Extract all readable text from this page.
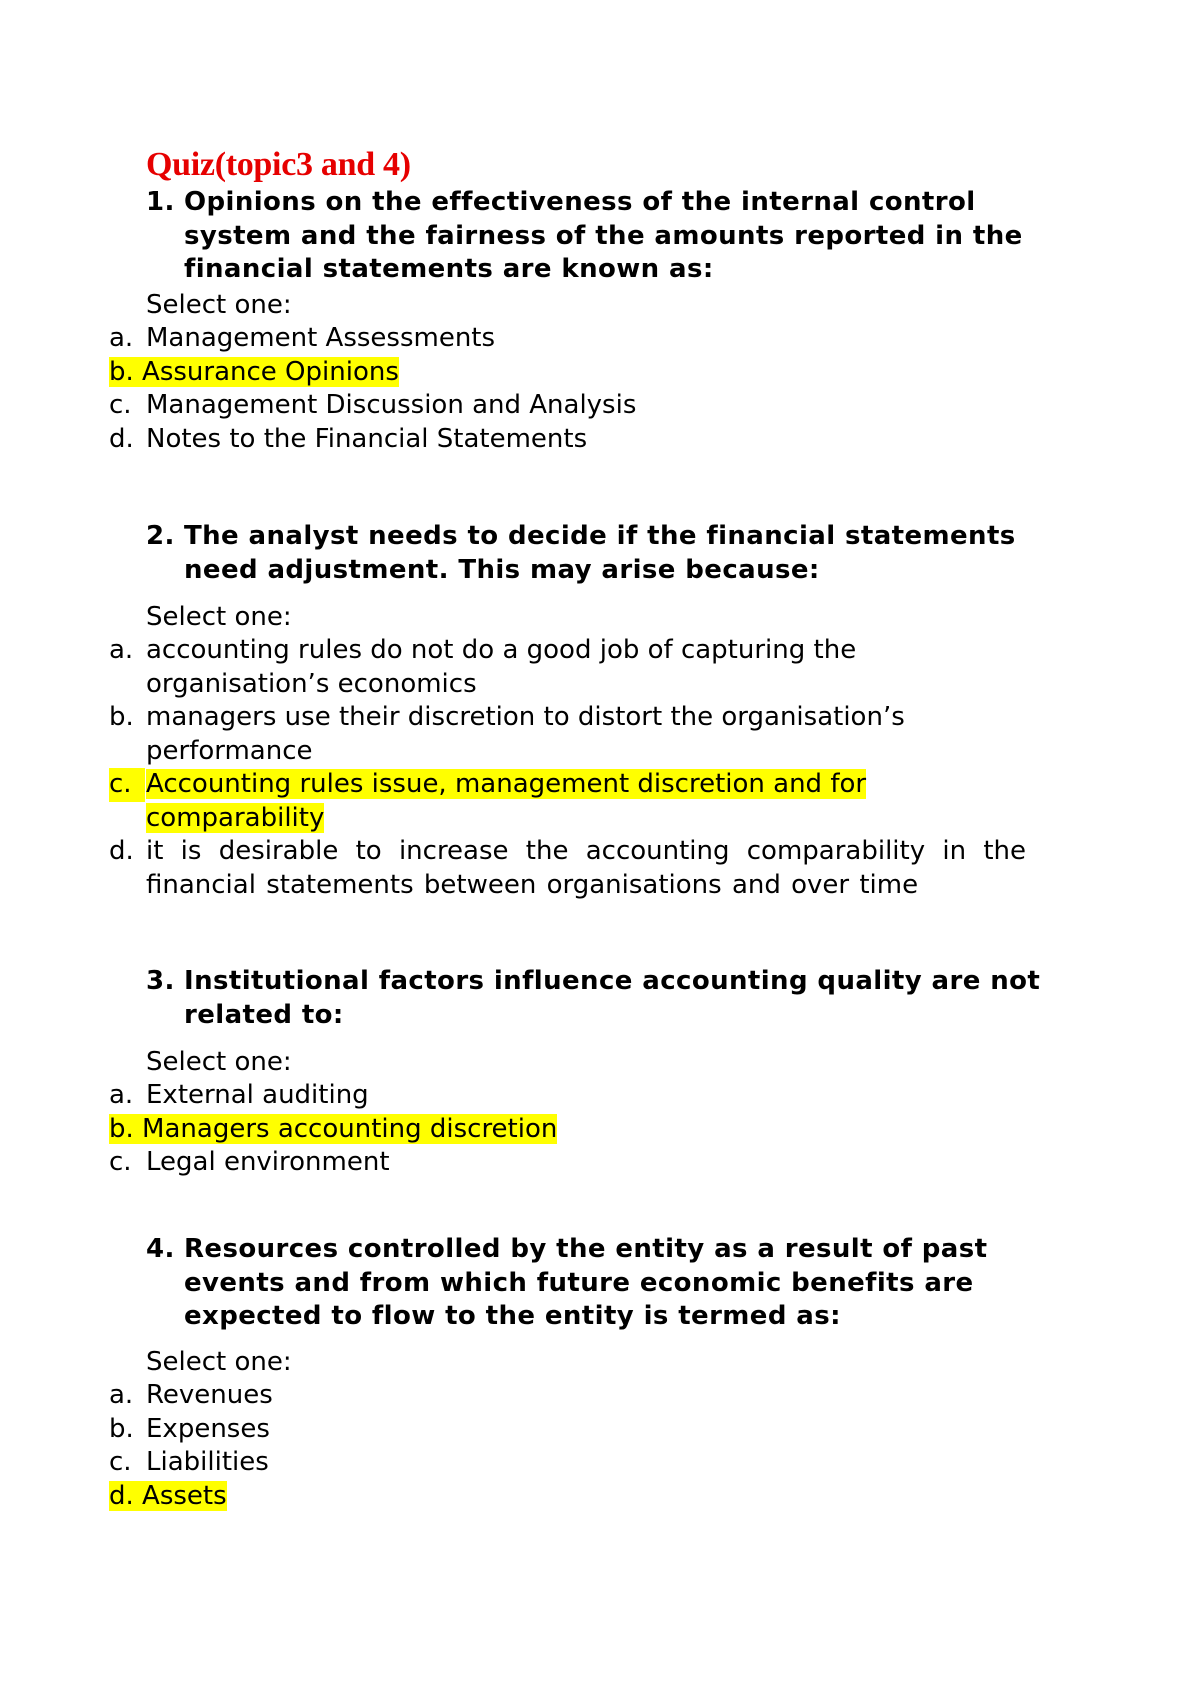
Quiz(topic3 and 4)
1. Opinions on the effectiveness of the internal control system and the fairness of the amounts reported in the financial statements are known as:
Select one:
a. Management Assessments
b. Assurance Opinions
c. Management Discussion and Analysis
d. Notes to the Financial Statements
2. The analyst needs to decide if the financial statements need adjustment. This may arise because:
Select one:
a. accounting rules do not do a good job of capturing the organisation’s economics
b. managers use their discretion to distort the organisation’s performance
c. Accounting rules issue, management discretion and for comparability
d. it is desirable to increase the accounting comparability in the financial statements between organisations and over time
3. Institutional factors influence accounting quality are not related to:
Select one:
a. External auditing
b. Managers accounting discretion
c. Legal environment
4. Resources controlled by the entity as a result of past events and from which future economic benefits are expected to flow to the entity is termed as:
Select one:
a. Revenues
b. Expenses
c. Liabilities
d. Assets
